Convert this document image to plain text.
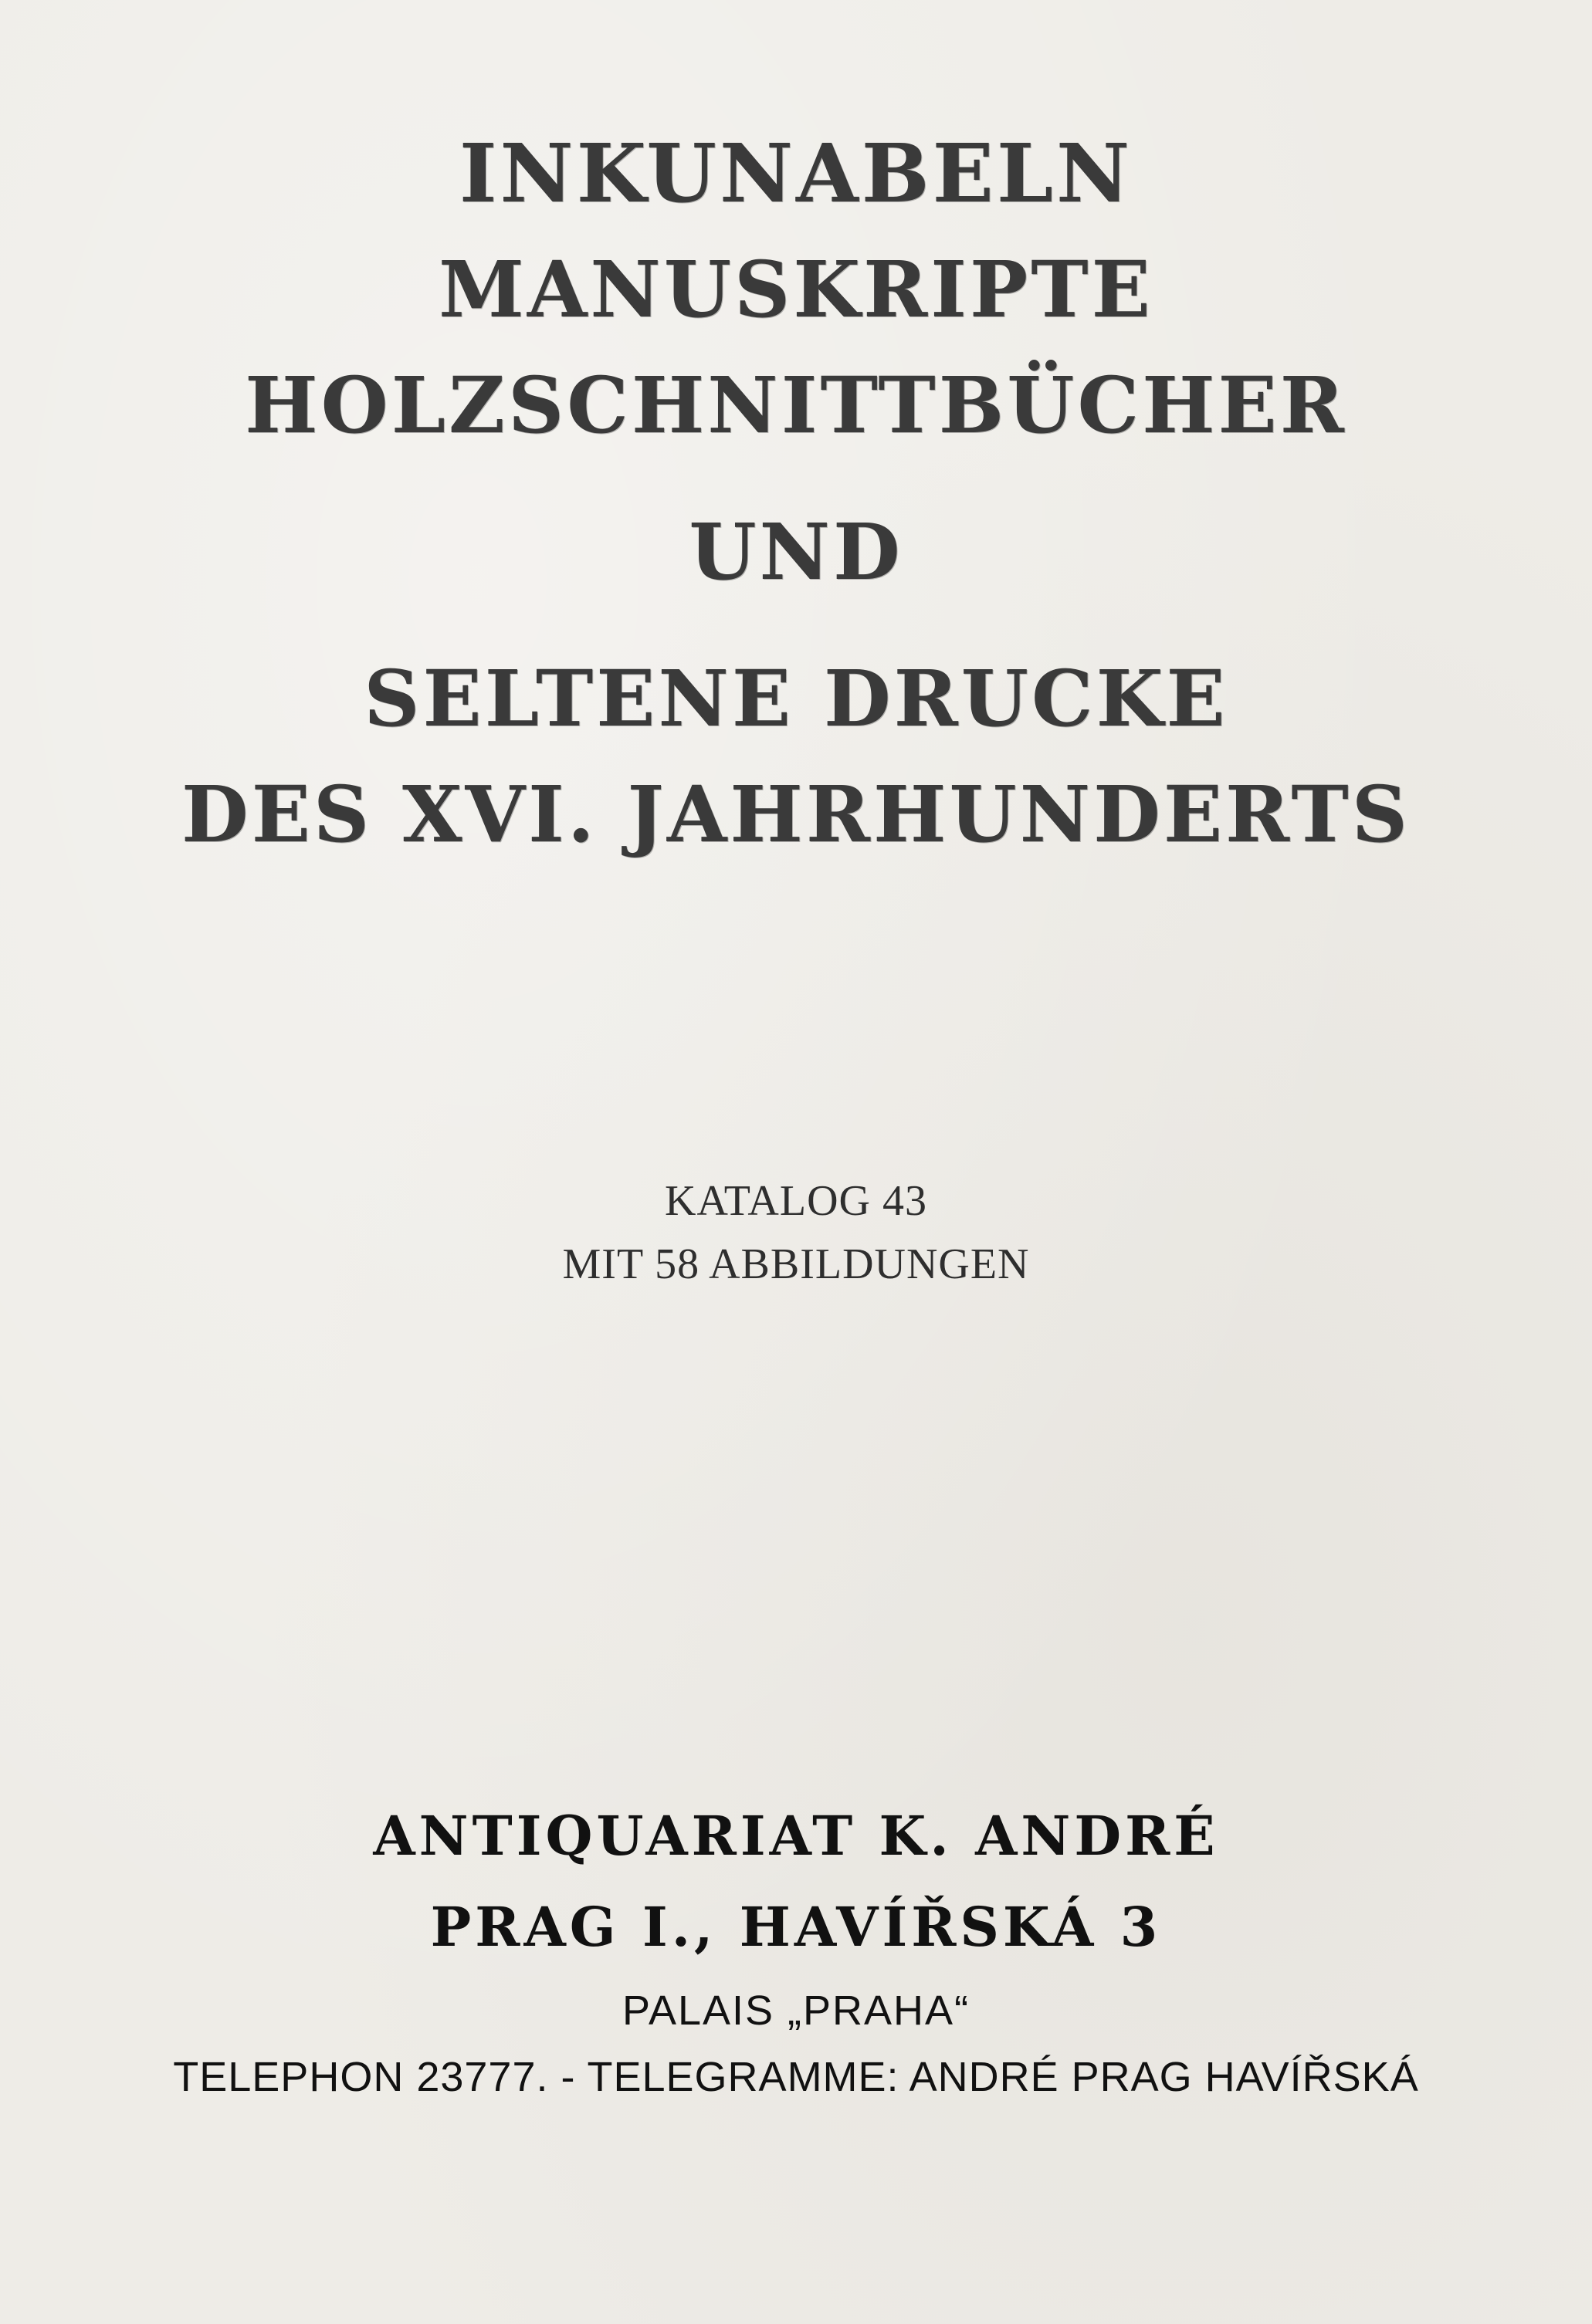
INKUNABELN
MANUSKRIPTE
HOLZSCHNITTBÜCHER
UND
SELTENE DRUCKE
DES XVI. JAHRHUNDERTS
KATALOG 43
MIT 58 ABBILDUNGEN
ANTIQUARIAT K. ANDRÉ
PRAG I., HAVÍŘSKÁ 3
PALAIS „PRAHA“
TELEPHON 23777. - TELEGRAMME: ANDRÉ PRAG HAVÍŘSKÁ
